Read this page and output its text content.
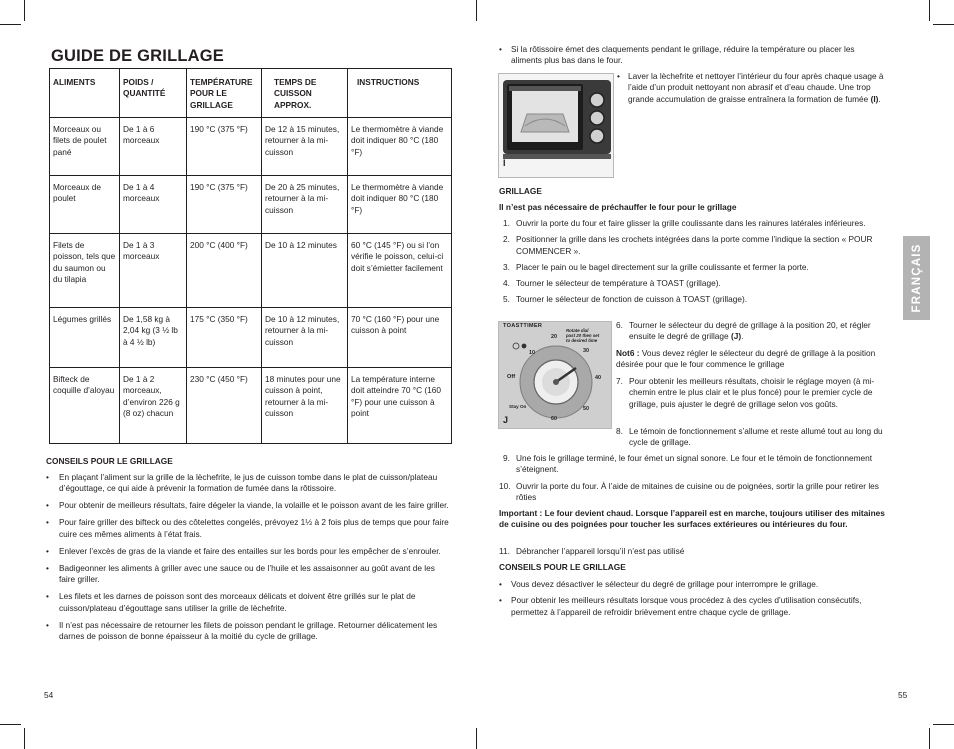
GUIDE DE GRILLAGE
ALIMENTS	POIDS / QUANTITÉ	TEMPÉRATURE POUR LE GRILLAGE	TEMPS DE CUISSON APPROX.	INSTRUCTIONS

Morceaux ou filets de poulet pané	De 1 à 6 morceaux	190 °C (375 °F)	De 12 à 15 minutes, retourner à la mi-cuisson	Le thermomètre à viande doit indiquer 80 °C (180 °F)

Morceaux de poulet	De 1 à 4 morceaux	190 °C (375 °F)	De 20 à 25 minutes, retourner à la mi-cuisson	Le thermomètre à viande doit indiquer 80 °C (180 °F)

Filets de poisson, tels que du saumon ou du tilapia	De 1 à 3 morceaux	200 °C (400 °F)	De 10 à 12 minutes	60 °C (145 °F) ou si l’on vérifie le poisson, celui-ci doit s’émietter facilement

Légumes grillés	De 1,58 kg à 2,04 kg (3 ½ lb à 4 ½ lb)	175 °C (350 °F)	De 10 à 12 minutes, retourner à la mi-cuisson	70 °C (160 °F) pour une cuisson à point

Bifteck de coquille d’aloyau	De 1 à 2 morceaux, d’environ 226 g (8 oz) chacun	230 °C (450 °F)	18 minutes pour une cuisson à point, retourner à la mi-cuisson	La température interne doit atteindre 70 °C (160 °F) pour une cuisson à point
CONSEILS POUR LE GRILLAGE
• En plaçant l’aliment sur la grille de la lèchefrite, le jus de cuisson tombe dans le plat de cuisson/plateau d’égouttage, ce qui aide à prévenir la formation de fumée dans la rôtissoire.
• Pour obtenir de meilleurs résultats, faire dégeler la viande, la volaille et le poisson avant de les faire griller.
• Pour faire griller des bifteck ou des côtelettes congelés, prévoyez 1½ à 2 fois plus de temps que pour faire cuire ces mêmes aliments à l’état frais.
• Enlever l’excès de gras de la viande et faire des entailles sur les bords pour les empêcher de s’enrouler.
• Badigeonner les aliments à griller avec une sauce ou de l’huile et les assaisonner au goût avant de les faire griller.
• Les filets et les darnes de poisson sont des morceaux délicats et doivent être grillés sur le plat de cuisson/plateau d’égouttage sans utiliser la grille de lèchefrite.
• Il n’est pas nécessaire de retourner les filets de poisson pendant le grillage. Retourner délicatement les darnes de poisson de bonne épaisseur à la moitié du cycle de grillage.
54
• Si la rôtissoire émet des claquements pendant le grillage, réduire la température ou placer les aliments plus bas dans le four.
I
• Laver la lèchefrite et nettoyer l’intérieur du four après chaque usage à l’aide d’un produit nettoyant non abrasif et d’eau chaude. Une trop grande accumulation de graisse entraînera la formation de fumée (I).
GRILLAGE
Il n’est pas nécessaire de préchauffer le four pour le grillage
1. Ouvrir la porte du four et faire glisser la grille coulissante dans les rainures latérales inférieures.
2. Positionner la grille dans les crochets intégrées dans la porte comme l’indique la section « POUR COMMENCER ».
3. Placer le pain ou le bagel directement sur la grille coulissante et fermer la porte.
4. Tourner le sélecteur de température à TOAST (grillage).
5. Tourner le sélecteur de fonction de cuisson à TOAST (grillage).
TOASTTIMER
Rotate dial
past 20 then set
to desired time
Off
10
20
30
40
50
60
Stay On
J
6. Tourner le sélecteur du degré de grillage à la position 20, et régler ensuite le degré de grillage (J).
Not6 : Vous devez régler le sélecteur du degré de grillage à la position désirée pour que le four commence le grillage
7. Pour obtenir les meilleurs résultats, choisir le réglage moyen (à mi-chemin entre le plus clair et le plus foncé) pour le premier cycle de grillage, puis ajuster le degré de grillage selon vos goûts.
8. Le témoin de fonctionnement s’allume et reste allumé tout au long du cycle de grillage.
9. Une fois le grillage terminé, le four émet un signal sonore. Le four et le témoin de fonctionnement s’éteignent.
10. Ouvrir la porte du four. À l’aide de mitaines de cuisine ou de poignées, sortir la grille pour retirer les rôties
Important : Le four devient chaud. Lorsque l’appareil est en marche, toujours utiliser des mitaines de cuisine ou des poignées pour toucher les surfaces extérieures ou intérieures du four.
11. Débrancher l’appareil lorsqu’il n’est pas utilisé
CONSEILS POUR LE GRILLAGE
• Vous devez désactiver le sélecteur du degré de grillage pour interrompre le grillage.
• Pour obtenir les meilleurs résultats lorsque vous procédez à des cycles d’utilisation consécutifs, permettez à l’appareil de refroidir brièvement entre chaque cycle de grillage.
55
FRANÇAIS
